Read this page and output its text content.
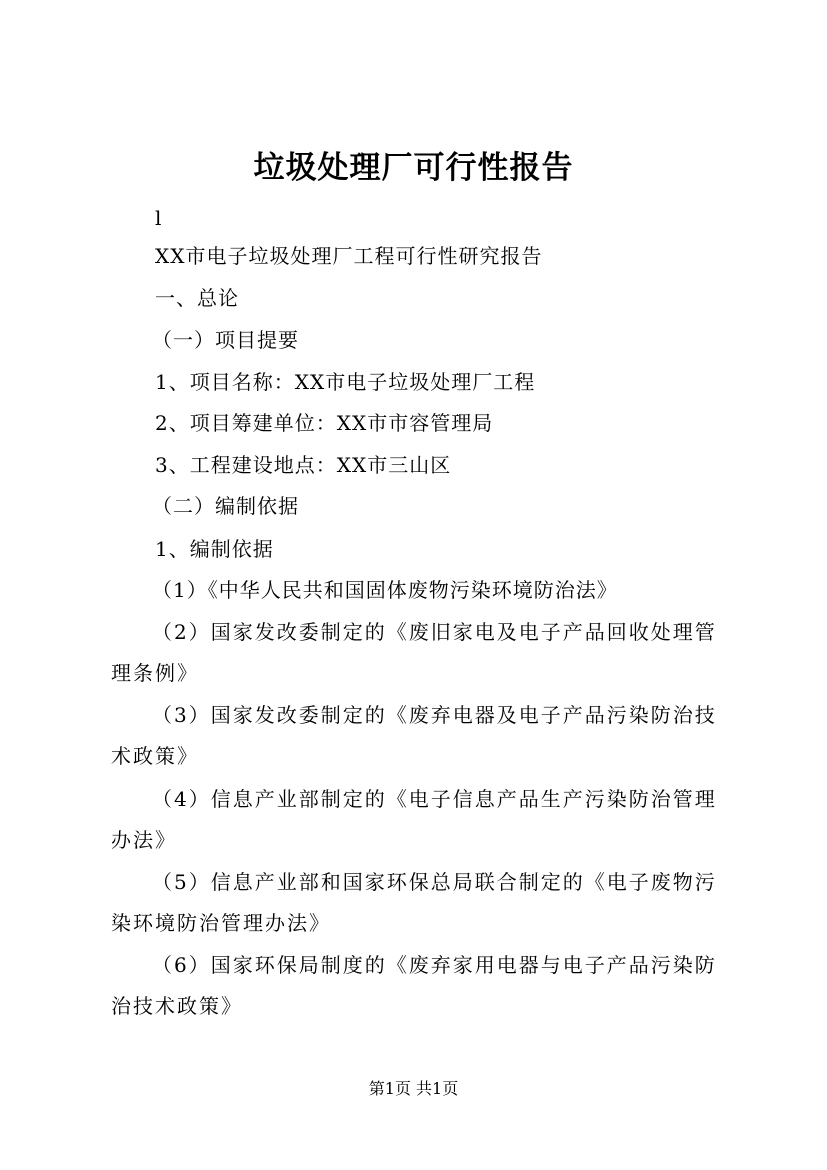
垃圾处理厂可行性报告
l
XX市电子垃圾处理厂工程可行性研究报告
一、总论
（一）项目提要
1、项目名称：XX市电子垃圾处理厂工程
2、项目筹建单位：XX市市容管理局
3、工程建设地点：XX市三山区
（二）编制依据
1、编制依据
（1）《中华人民共和国固体废物污染环境防治法》
（2）国家发改委制定的《废旧家电及电子产品回收处理管
理条例》
（3）国家发改委制定的《废弃电器及电子产品污染防治技
术政策》
（4）信息产业部制定的《电子信息产品生产污染防治管理
办法》
（5）信息产业部和国家环保总局联合制定的《电子废物污
染环境防治管理办法》
（6）国家环保局制度的《废弃家用电器与电子产品污染防
治技术政策》
第1页 共1页
